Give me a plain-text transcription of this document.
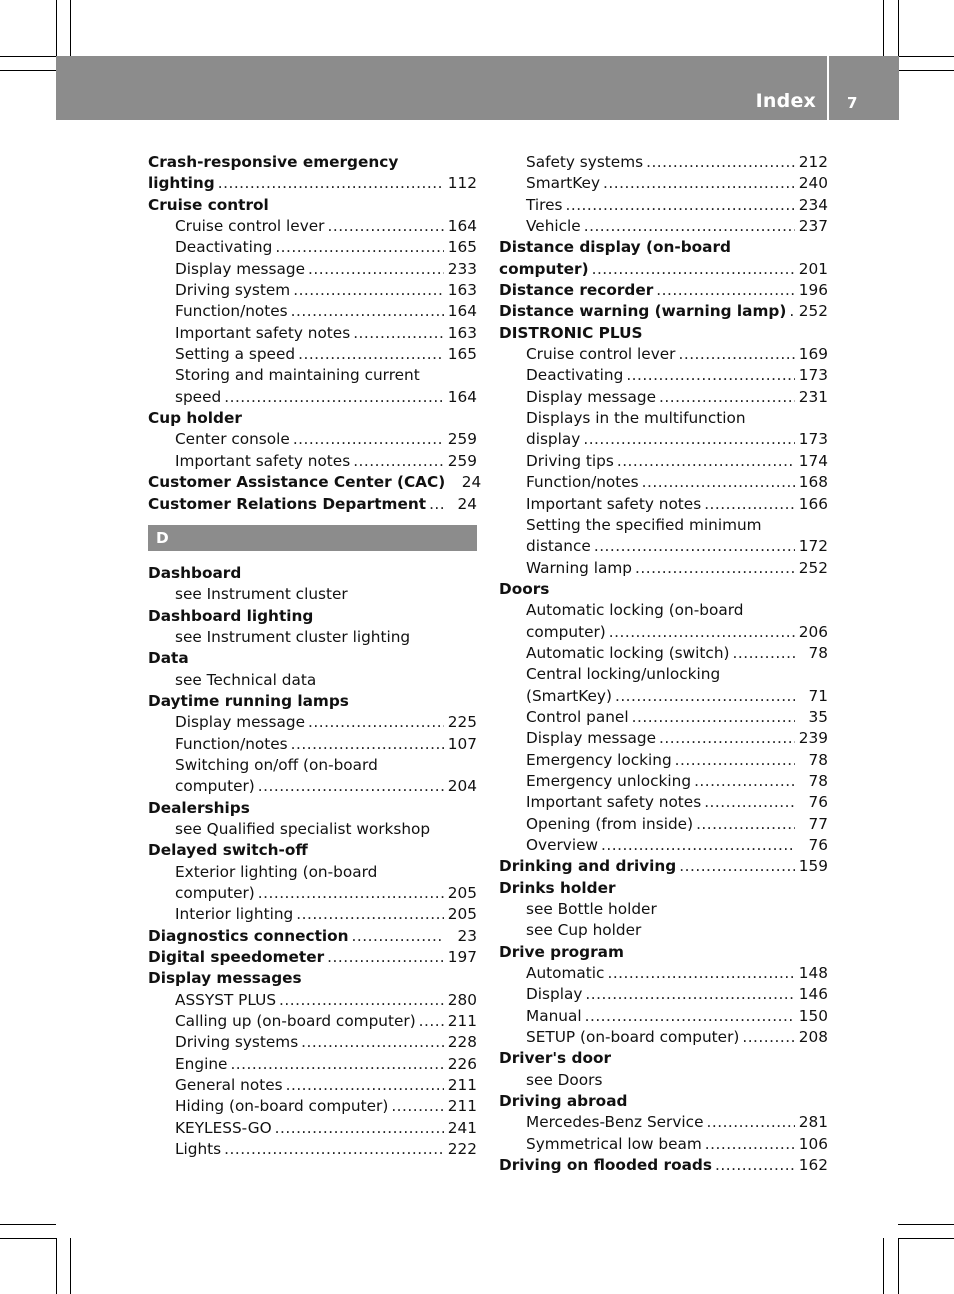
Index 7
Crash-responsive emergency
lighting .....	112
Cruise control
Cruise control lever .....	164
Deactivating .....	165
Display message .....	233
Driving system .....	163
Function/notes .....	164
Important safety notes .....	163
Setting a speed .....	165
Storing and maintaining current
speed .....	164
Cup holder
Center console .....	259
Important safety notes .....	259
Customer Assistance Center (CAC)	24
Customer Relations Department .....	24
D
Dashboard
see Instrument cluster
Dashboard lighting
see Instrument cluster lighting
Data
see Technical data
Daytime running lamps
Display message .....	225
Function/notes .....	107
Switching on/off (on-board
computer) .....	204
Dealerships
see Qualified specialist workshop
Delayed switch-off
Exterior lighting (on-board
computer) .....	205
Interior lighting .....	205
Diagnostics connection .....	23
Digital speedometer .....	197
Display messages
ASSYST PLUS .....	280
Calling up (on-board computer) ..... 211
Driving systems .....	228
Engine .....	226
General notes .....	211
Hiding (on-board computer) .....	211
KEYLESS-GO .....	241
Lights .....	222
Safety systems .....	212
SmartKey .....	240
Tires .....	234
Vehicle .....	237
Distance display (on-board
computer) .....	201
Distance recorder .....	196
Distance warning (warning lamp) ..... 252
DISTRONIC PLUS
Cruise control lever .....	169
Deactivating .....	173
Display message .....	231
Displays in the multifunction
display .....	173
Driving tips .....	174
Function/notes .....	168
Important safety notes .....	166
Setting the specified minimum
distance .....	172
Warning lamp .....	252
Doors
Automatic locking (on-board
computer) .....	206
Automatic locking (switch) .....	78
Central locking/unlocking
(SmartKey) .....	71
Control panel .....	35
Display message .....	239
Emergency locking .....	78
Emergency unlocking .....	78
Important safety notes .....	76
Opening (from inside) .....	77
Overview .....	76
Drinking and driving .....	159
Drinks holder
see Bottle holder
see Cup holder
Drive program
Automatic .....	148
Display .....	146
Manual .....	150
SETUP (on-board computer) .....	208
Driver's door
see Doors
Driving abroad
Mercedes-Benz Service .....	281
Symmetrical low beam .....	106
Driving on flooded roads .....	162
